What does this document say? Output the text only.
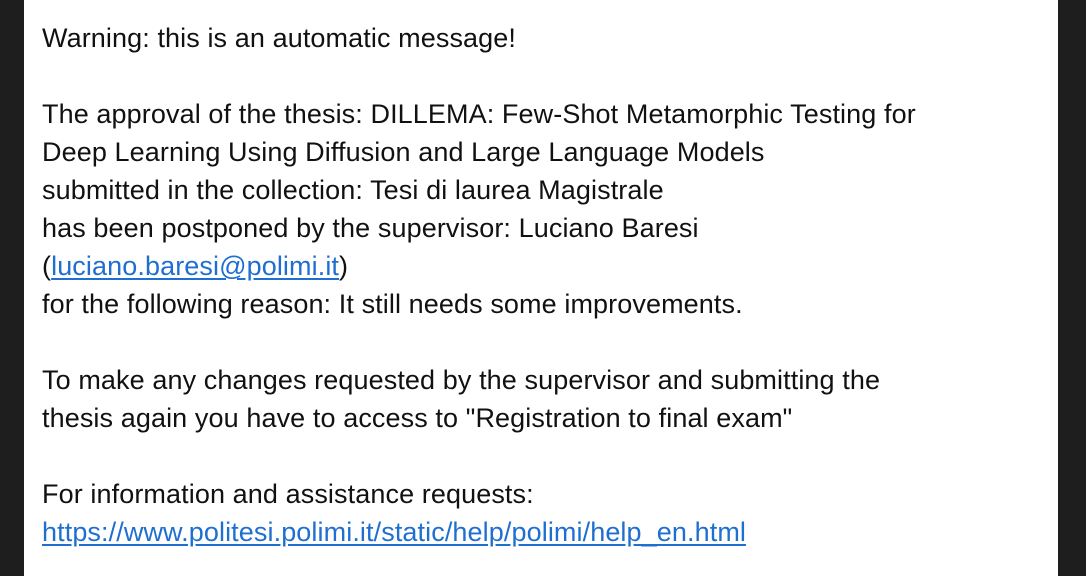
Warning: this is an automatic message!
The approval of the thesis: DILLEMA: Few-Shot Metamorphic Testing for
Deep Learning Using Diffusion and Large Language Models
submitted in the collection: Tesi di laurea Magistrale
has been postponed by the supervisor: Luciano Baresi
(luciano.baresi@polimi.it)
for the following reason: It still needs some improvements.
To make any changes requested by the supervisor and submitting the
thesis again you have to access to "Registration to final exam"
For information and assistance requests:
https://www.politesi.polimi.it/static/help/polimi/help_en.html
